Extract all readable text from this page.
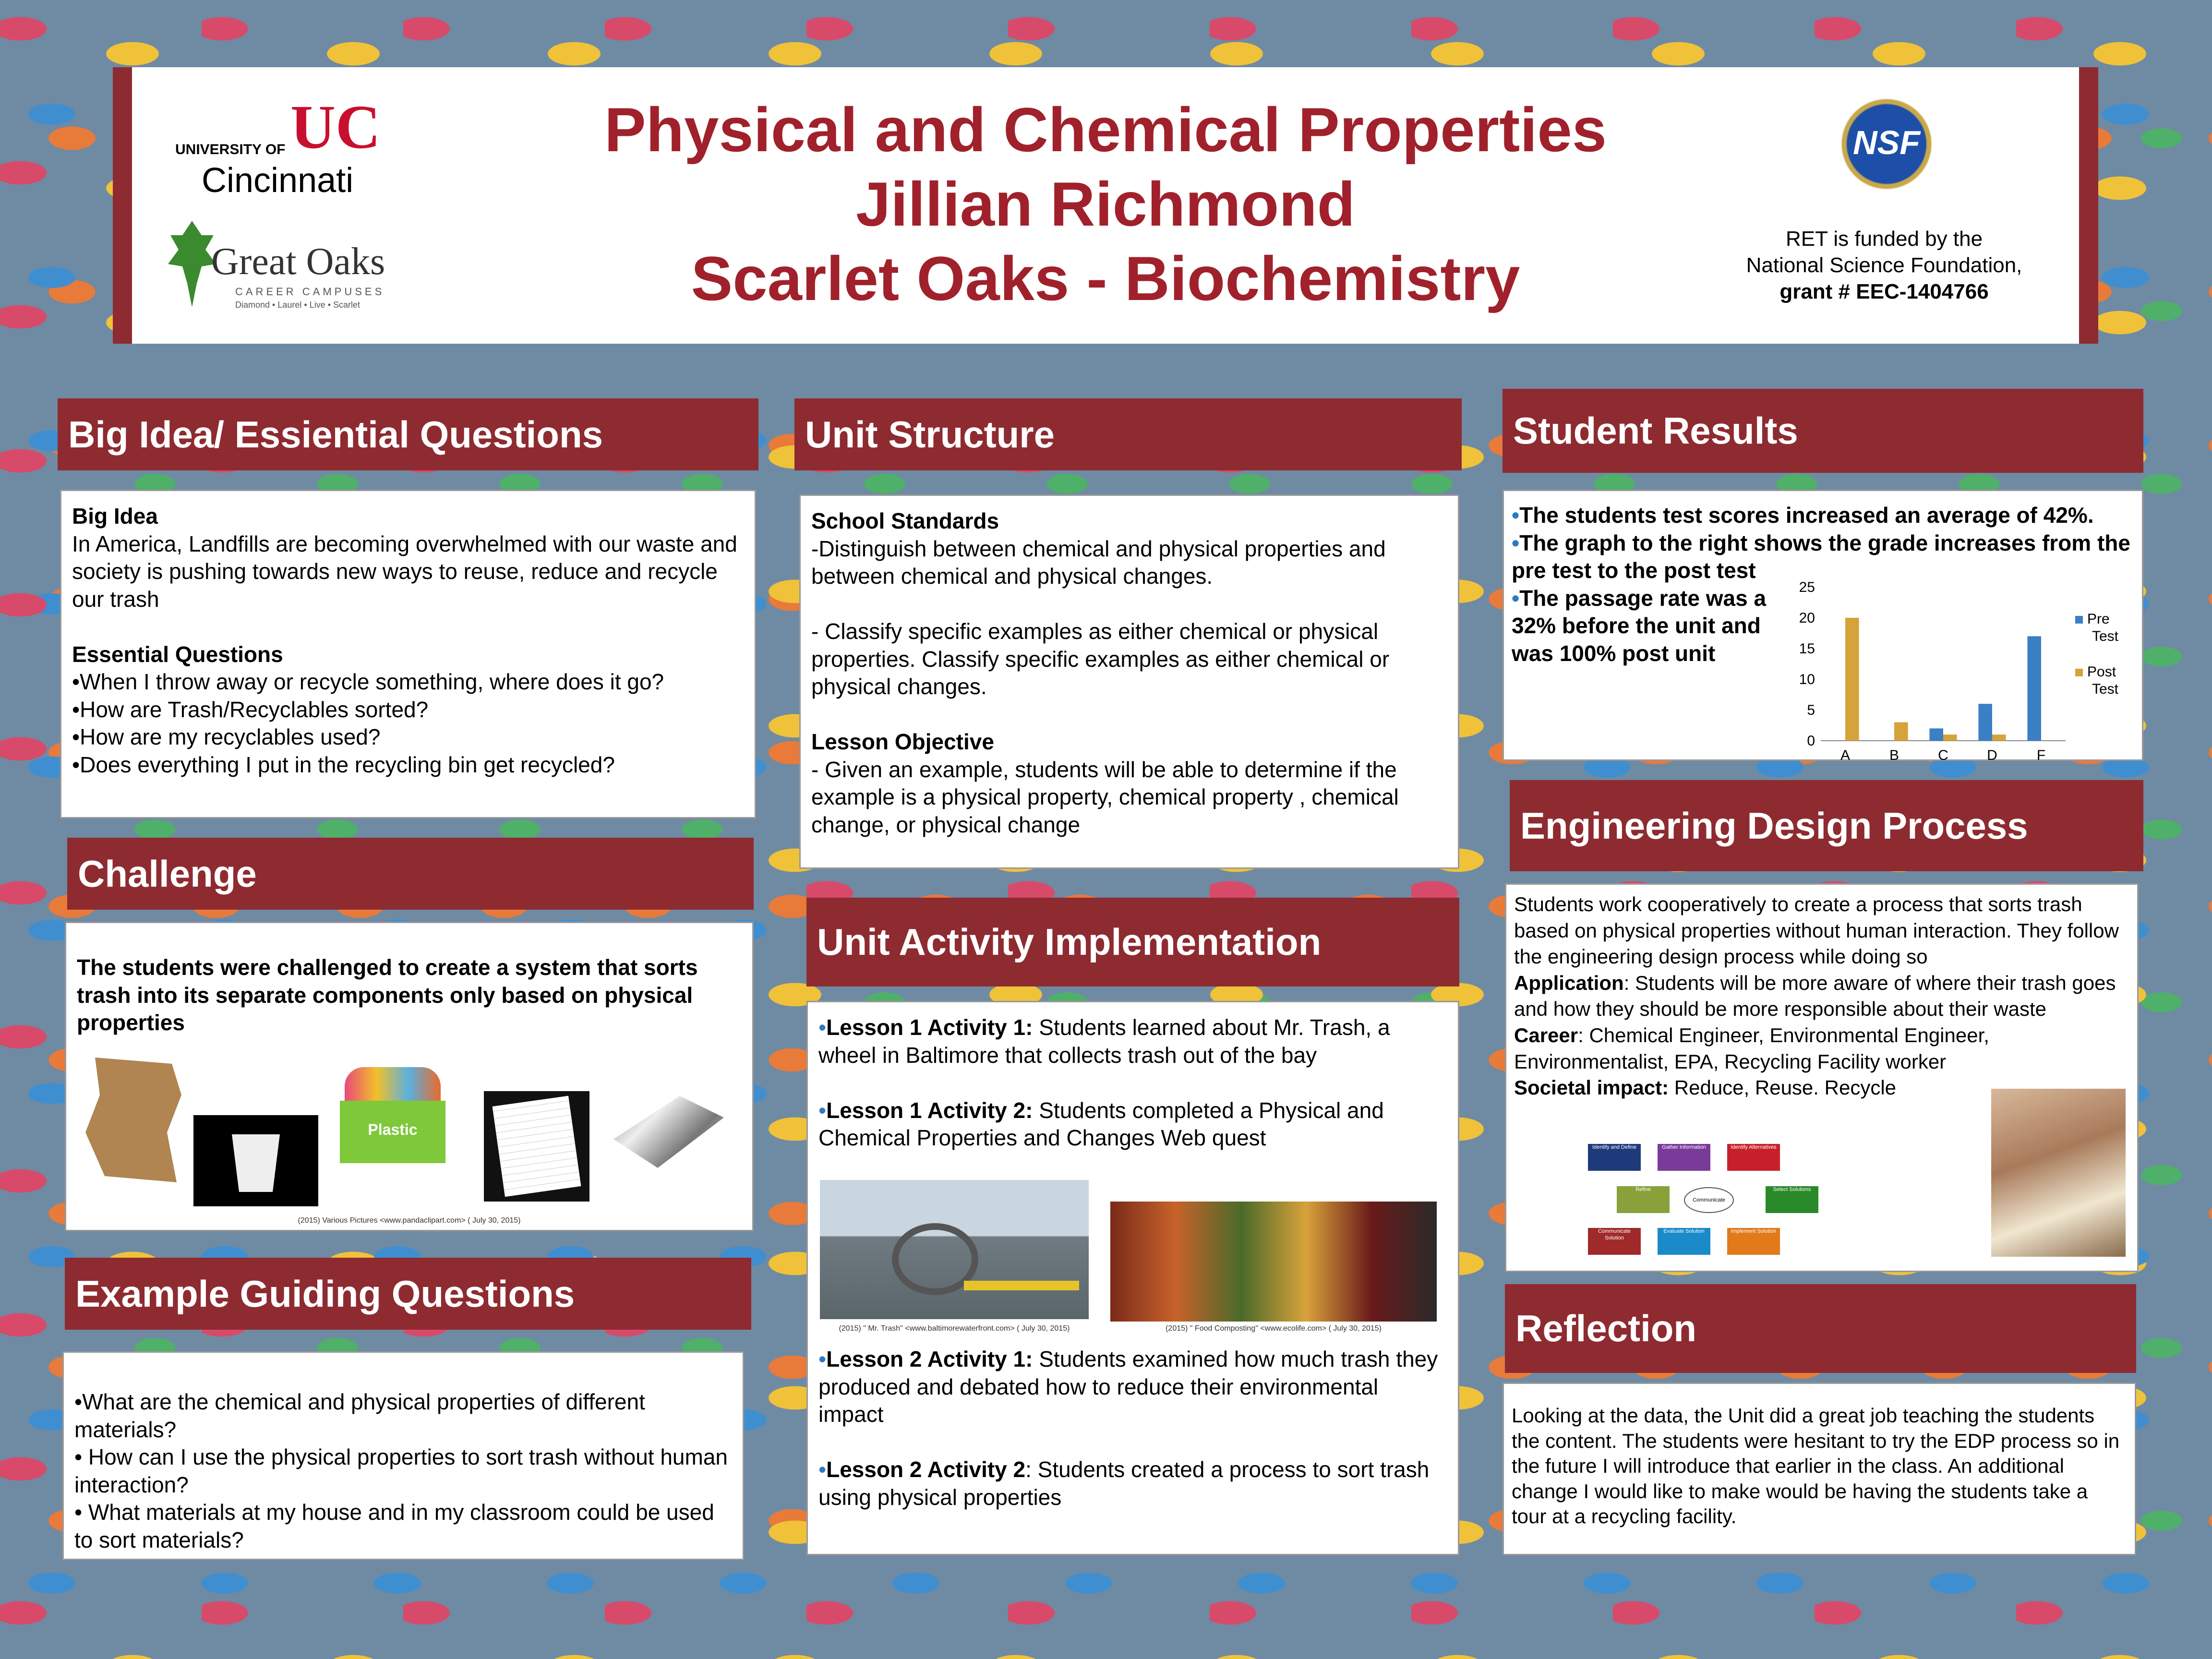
Physical and Chemical Properties
Jillian Richmond
Scarlet Oaks - Biochemistry
UNIVERSITY OF UC
Cincinnati
Great Oaks
CAREER CAMPUSES
Diamond • Laurel • Live • Scarlet
NSF
RET is funded by the
National Science Foundation,
grant # EEC-1404766
Big Idea/ Essiential Questions

Big Idea

In America, Landfills are becoming overwhelmed with our waste and society is pushing towards new ways to reuse, reduce and recycle our trash

Essential Questions

•When I throw away or recycle something, where does it go?

•How are Trash/Recyclables sorted?

•How are my recyclables used?

•Does everything I put in the recycling bin get recycled?

Challenge

The students were challenged to create a system that sorts trash into its separate components only based on physical properties

Plastic
(2015) Various Pictures <www.pandaclipart.com> ( July 30, 2015)
Example Guiding Questions

•What are the chemical and physical properties of different materials?

• How can I use the physical properties to sort trash without human interaction?

• What materials at my house and in my classroom could be used to sort materials?

Unit Structure

School Standards

-Distinguish between chemical and physical properties and between chemical and physical changes.

- Classify specific examples as either chemical or physical properties. Classify specific examples as either chemical or physical changes.

Lesson Objective

- Given an example, students will be able to determine if the example is a physical property, chemical property , chemical change, or physical change

Unit Activity Implementation

•Lesson 1 Activity 1: Students learned about Mr. Trash, a wheel in Baltimore that collects trash out of the bay

•Lesson 1 Activity 2: Students completed a Physical and Chemical Properties and Changes Web quest

(2015) " Mr. Trash" <www.baltimorewaterfront.com> ( July 30, 2015)	(2015) " Food Composting" <www.ecolife.com> ( July 30, 2015)

•Lesson 2 Activity 1: Students examined how much trash they produced and debated how to reduce their environmental impact

•Lesson 2 Activity 2: Students created a process to sort trash using physical properties

Student Results

•The students test scores increased an average of 42%.

•The graph to the right shows the grade increases from the pre test to the post test

•The passage rate was a 32% before the unit and was 100% post unit

0
5
10
15
20
25
A	B	C	D	F
Pre
Test
Post
Test
Engineering Design Process

Students work cooperatively to create a process that sorts trash based on physical properties without human interaction. They follow the engineering design process while doing so

Application: Students will be more aware of where their trash goes and how they should be more responsible about their waste

Career: Chemical Engineer, Environmental Engineer, Environmentalist, EPA, Recycling Facility worker

Societal impact: Reduce, Reuse. Recycle

Identify and Define	Gather Information	Identify Alternatives
Select Solutions
Implement Solution
Evaluate Solution
Communicate Solution
Refine
Communicate
Reflection

Looking at the data, the Unit did a great job teaching the students the content. The students were hesitant to try the EDP process so in the future I will introduce that earlier in the class. An additional change I would like to make would be having the students take a tour at a recycling facility.
